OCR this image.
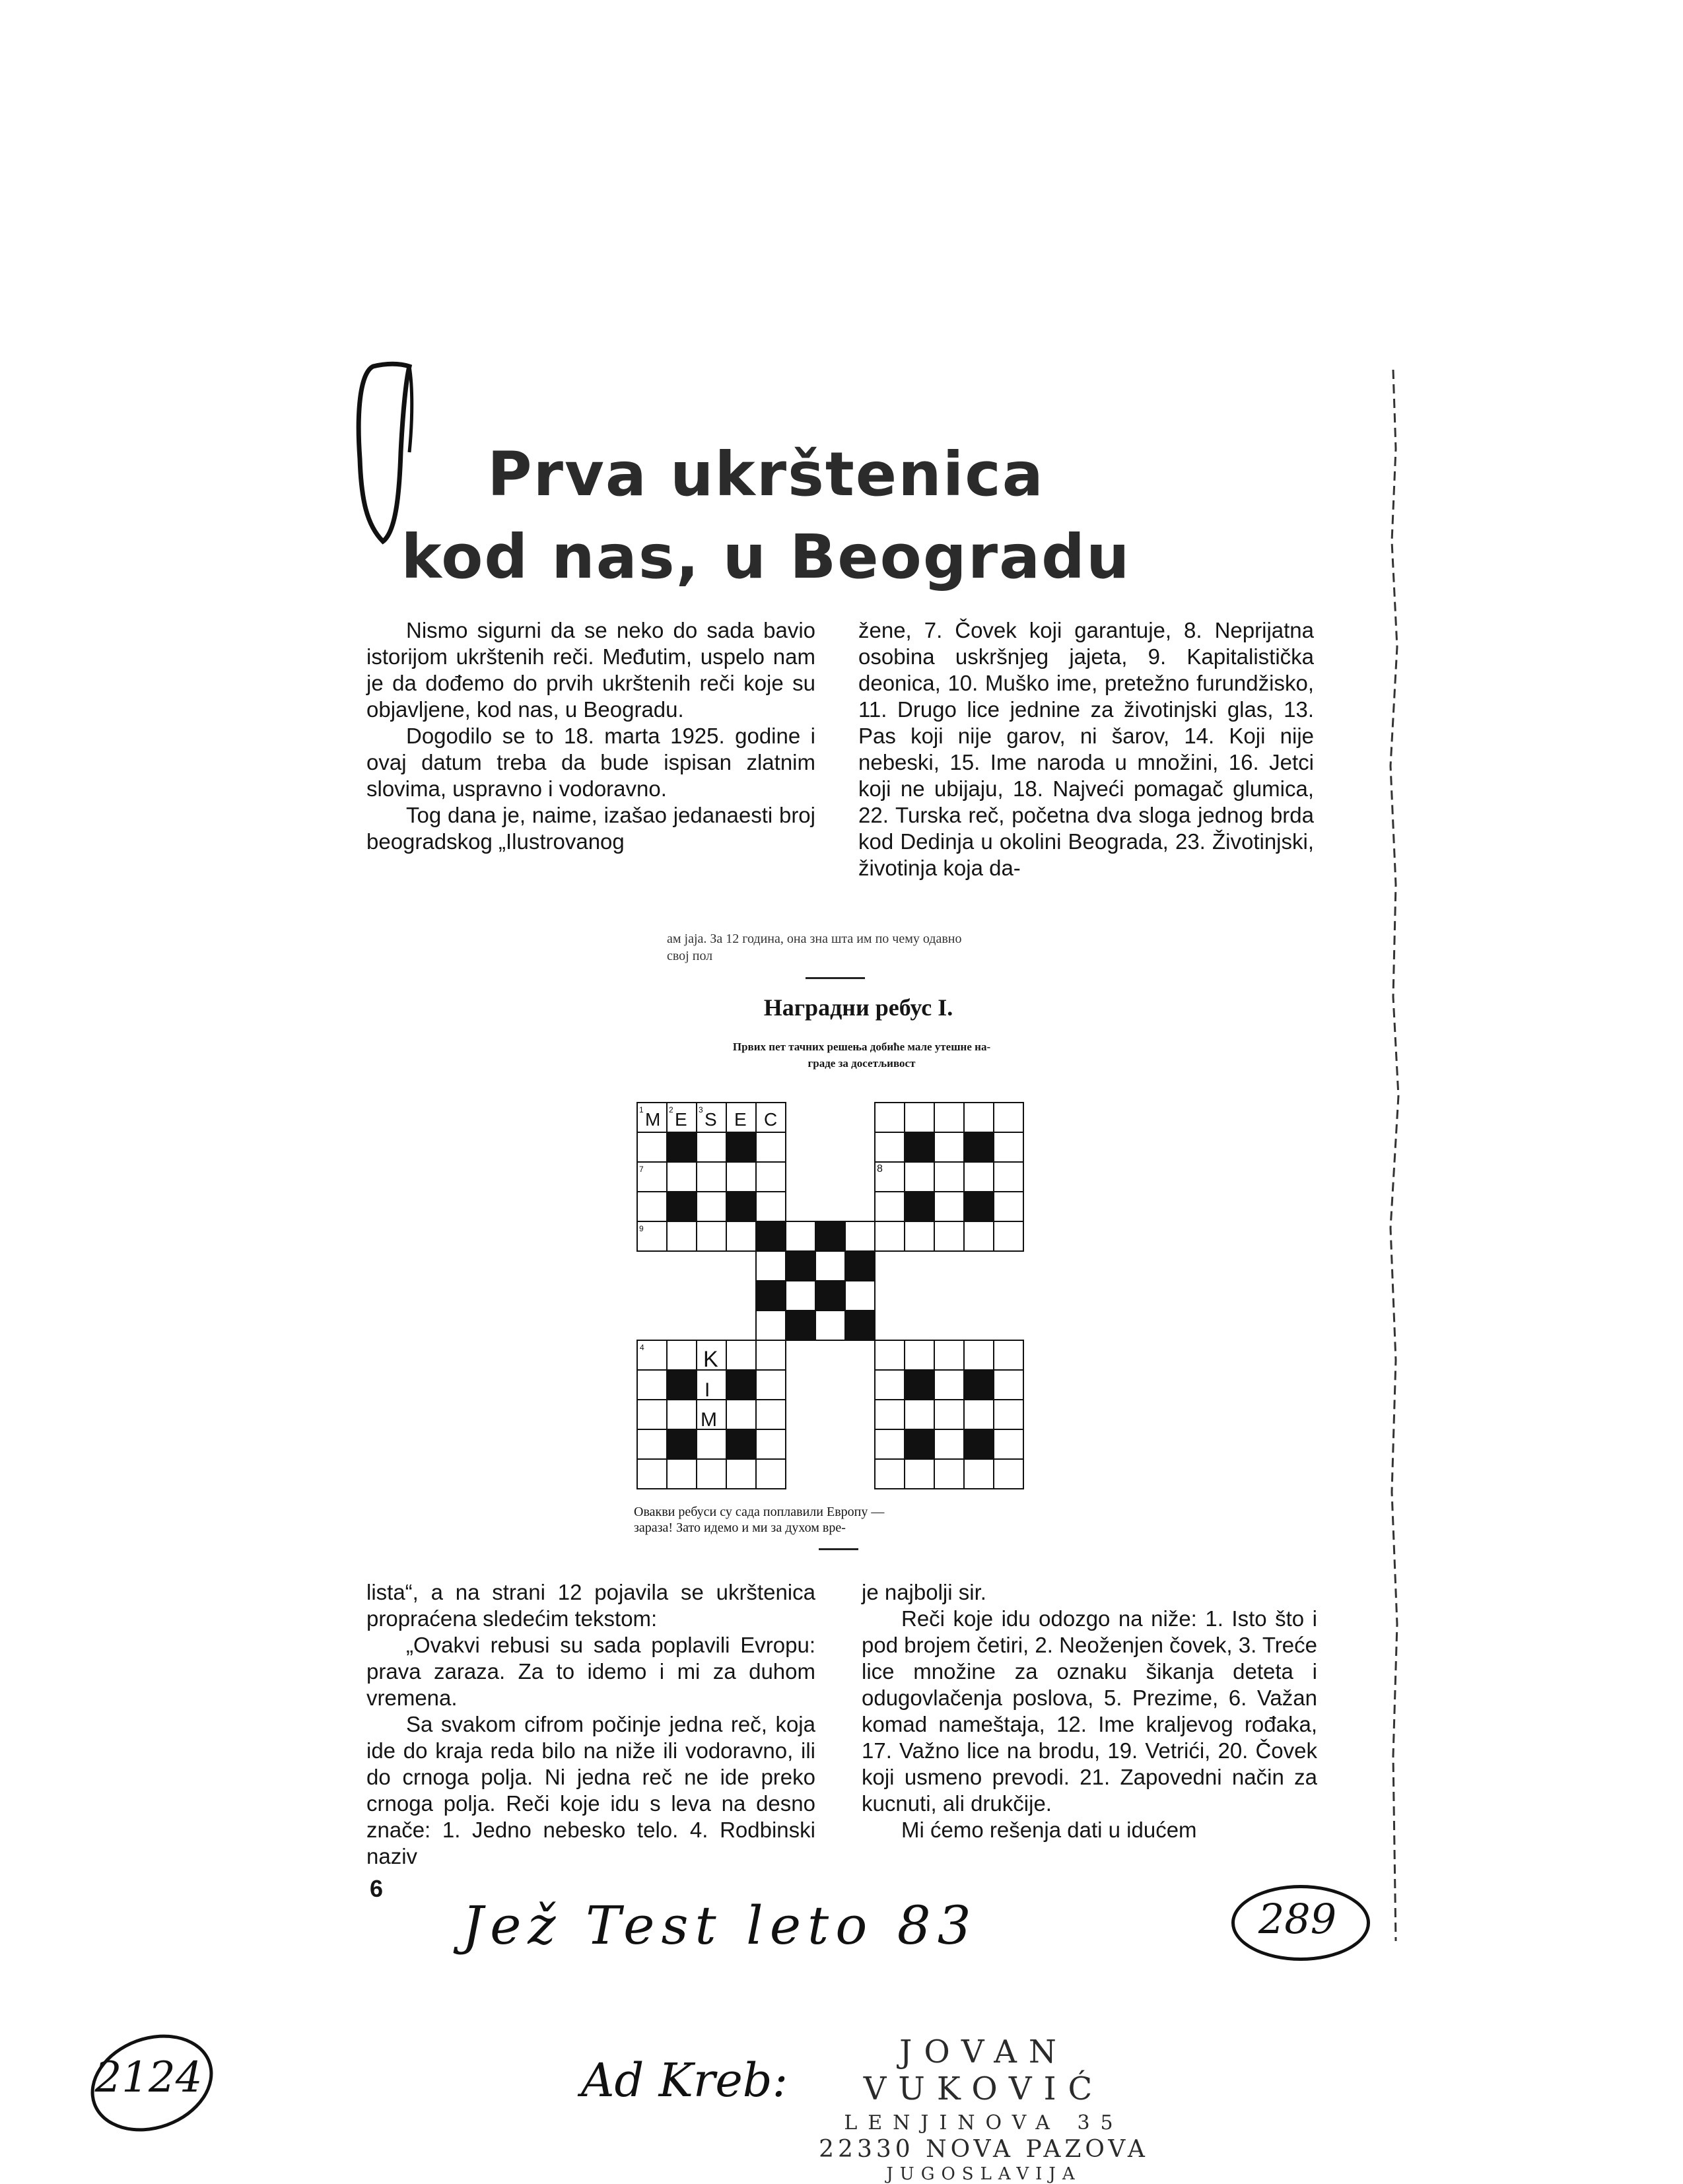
Prva ukrštenica
kod nas, u Beogradu

Nismo sigurni da se neko do sada bavio istorijom ukrštenih reči. Međutim, uspelo nam je da dođemo do prvih ukrštenih reči koje su objavljene, kod nas, u Beogradu.

Dogodilo se to 18. marta 1925. godine i ovaj datum treba da bude ispisan zlatnim slovima, uspravno i vodoravno.

Tog dana je, naime, izašao jedanaesti broj beogradskog „Ilustrovanog

žene, 7. Čovek koji garantuje, 8. Neprijatna osobina uskršnjeg jajeta, 9. Kapitalistička deonica, 10. Muško ime, pretežno furundžisko, 11. Drugo lice jednine za životinjski glas, 13. Pas koji nije garov, ni šarov, 14. Koji nije nebeski, 15. Ime naroda u množini, 16. Jetci koji ne ubijaju, 18. Najveći pomagač glumica, 22. Turska reč, početna dva sloga jednog brda kod Dedinja u okolini Beograda, 23. Životinjski, životinja koja da-

ам јаја. За 12 година, она зна шта им по чему одавно
свој пол
Наградни ребус I.
Првих пет тачних решења добиће мале утешне на-
граде за досетљивост
M E S E C
K
I
M
1	2	3
7
9
8
4
Овакви ребуси су сада поплавили Европу —
зараза! Зато идемо и ми за духом вре-

lista“, a na strani 12 pojavila se ukrštenica propraćena sledećim tekstom:

„Ovakvi rebusi su sada poplavili Evropu: prava zaraza. Za to idemo i mi za duhom vremena.

Sa svakom cifrom počinje jedna reč, koja ide do kraja reda bilo na niže ili vodoravno, ili do crnoga polja. Ni jedna reč ne ide preko crnoga polja. Reči koje idu s leva na desno znače: 1. Jedno nebesko telo. 4. Rodbinski naziv

je najbolji sir.

Reči koje idu odozgo na niže: 1. Isto što i pod brojem četiri, 2. Neoženjen čovek, 3. Treće lice množine za oznaku šikanja deteta i odugovlačenja poslova, 5. Prezime, 6. Važan komad nameštaja, 12. Ime kraljevog rođaka, 17. Važno lice na brodu, 19. Vetrići, 20. Čovek koji usmeno prevodi. 21. Zapovedni način za kucnuti, ali drukčije.

Mi ćemo rešenja dati u idućem

6
Jež Test leto 83	289
2124	Ad Kreb:
JOVAN VUKOVIĆ
LENJINOVA 35
22330 NOVA PAZOVA
JUGOSLAVIJA
